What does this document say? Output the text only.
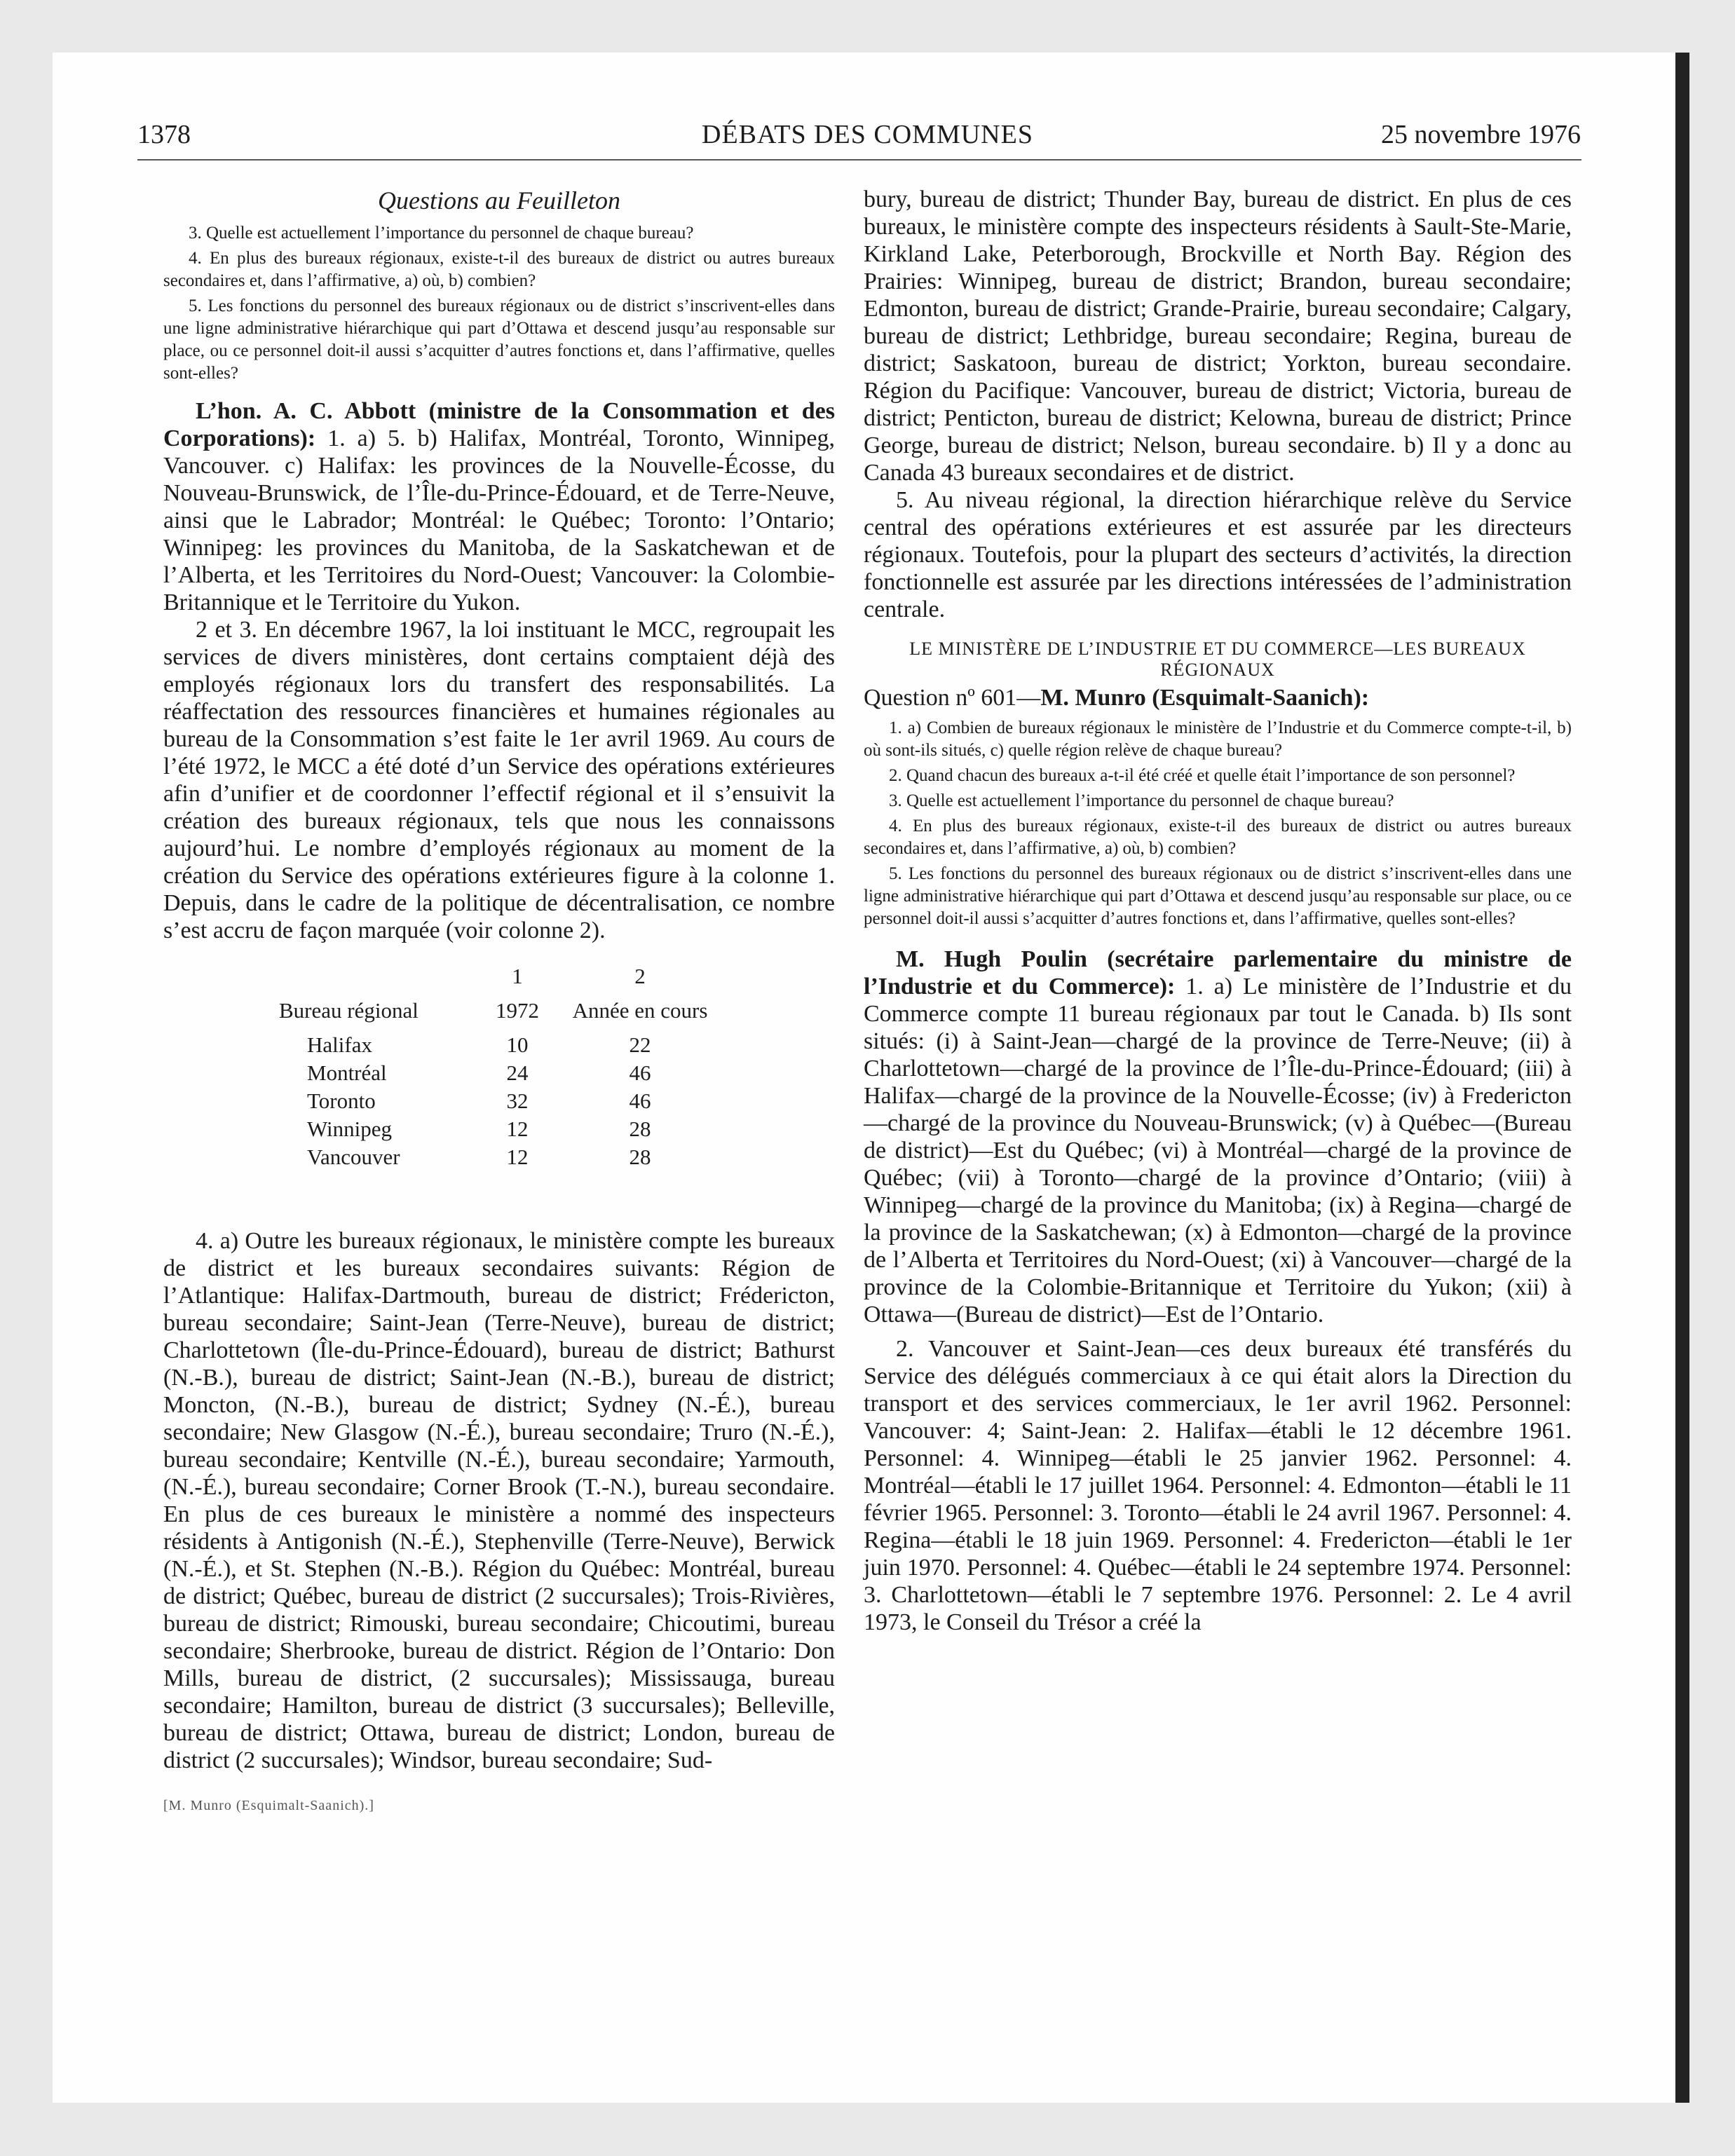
1378	DÉBATS DES COMMUNES	25 novembre 1976

Questions au Feuilleton

3. Quelle est actuellement l’importance du personnel de chaque bureau?

4. En plus des bureaux régionaux, existe-t-il des bureaux de district ou autres bureaux secondaires et, dans l’affirmative, a) où, b) combien?

5. Les fonctions du personnel des bureaux régionaux ou de district s’inscrivent-elles dans une ligne administrative hiérarchique qui part d’Ottawa et descend jusqu’au responsable sur place, ou ce personnel doit-il aussi s’acquitter d’autres fonctions et, dans l’affirmative, quelles sont-elles?

L’hon. A. C. Abbott (ministre de la Consommation et des Corporations): 1. a) 5. b) Halifax, Montréal, Toronto, Winnipeg, Vancouver. c) Halifax: les provinces de la Nouvelle-Écosse, du Nouveau-Brunswick, de l’Île-du-Prince-Édouard, et de Terre-Neuve, ainsi que le Labrador; Montréal: le Québec; Toronto: l’Ontario; Winnipeg: les provinces du Manitoba, de la Saskatchewan et de l’Alberta, et les Territoires du Nord-Ouest; Vancouver: la Colombie-Britannique et le Territoire du Yukon.

2 et 3. En décembre 1967, la loi instituant le MCC, regroupait les services de divers ministères, dont certains comptaient déjà des employés régionaux lors du transfert des responsabilités. La réaffectation des ressources financières et humaines régionales au bureau de la Consommation s’est faite le 1er avril 1969. Au cours de l’été 1972, le MCC a été doté d’un Service des opérations extérieures afin d’unifier et de coordonner l’effectif régional et il s’ensuivit la création des bureaux régionaux, tels que nous les connaissons aujourd’hui. Le nombre d’employés régionaux au moment de la création du Service des opérations extérieures figure à la colonne 1. Depuis, dans le cadre de la politique de décentralisation, ce nombre s’est accru de façon marquée (voir colonne 2).

	1	2
Bureau régional	1972	Année en cours
Halifax	10	22
Montréal	24	46
Toronto	32	46
Winnipeg	12	28
Vancouver	12	28

4. a) Outre les bureaux régionaux, le ministère compte les bureaux de district et les bureaux secondaires suivants: Région de l’Atlantique: Halifax-Dartmouth, bureau de district; Frédericton, bureau secondaire; Saint-Jean (Terre-Neuve), bureau de district; Charlottetown (Île-du-Prince-Édouard), bureau de district; Bathurst (N.-B.), bureau de district; Saint-Jean (N.-B.), bureau de district; Moncton, (N.-B.), bureau de district; Sydney (N.-É.), bureau secondaire; New Glasgow (N.-É.), bureau secondaire; Truro (N.-É.), bureau secondaire; Kentville (N.-É.), bureau secondaire; Yarmouth, (N.-É.), bureau secondaire; Corner Brook (T.-N.), bureau secondaire. En plus de ces bureaux le ministère a nommé des inspecteurs résidents à Antigonish (N.-É.), Stephenville (Terre-Neuve), Berwick (N.-É.), et St. Stephen (N.-B.). Région du Québec: Montréal, bureau de district; Québec, bureau de district (2 succursales); Trois-Rivières, bureau de district; Rimouski, bureau secondaire; Chicoutimi, bureau secondaire; Sherbrooke, bureau de district. Région de l’Ontario: Don Mills, bureau de district, (2 succursales); Mississauga, bureau secondaire; Hamilton, bureau de district (3 succursales); Belleville, bureau de district; Ottawa, bureau de district; London, bureau de district (2 succursales); Windsor, bureau secondaire; Sud-

[M. Munro (Esquimalt-Saanich).]

bury, bureau de district; Thunder Bay, bureau de district. En plus de ces bureaux, le ministère compte des inspecteurs résidents à Sault-Ste-Marie, Kirkland Lake, Peterborough, Brockville et North Bay. Région des Prairies: Winnipeg, bureau de district; Brandon, bureau secondaire; Edmonton, bureau de district; Grande-Prairie, bureau secondaire; Calgary, bureau de district; Lethbridge, bureau secondaire; Regina, bureau de district; Saskatoon, bureau de district; Yorkton, bureau secondaire. Région du Pacifique: Vancouver, bureau de district; Victoria, bureau de district; Penticton, bureau de district; Kelowna, bureau de district; Prince George, bureau de district; Nelson, bureau secondaire. b) Il y a donc au Canada 43 bureaux secondaires et de district.

5. Au niveau régional, la direction hiérarchique relève du Service central des opérations extérieures et est assurée par les directeurs régionaux. Toutefois, pour la plupart des secteurs d’activités, la direction fonctionnelle est assurée par les directions intéressées de l’administration centrale.

LE MINISTÈRE DE L’INDUSTRIE ET DU COMMERCE—LES BUREAUX RÉGIONAUX

Question nº 601—M. Munro (Esquimalt-Saanich):

1. a) Combien de bureaux régionaux le ministère de l’Industrie et du Commerce compte-t-il, b) où sont-ils situés, c) quelle région relève de chaque bureau?

2. Quand chacun des bureaux a-t-il été créé et quelle était l’importance de son personnel?

3. Quelle est actuellement l’importance du personnel de chaque bureau?

4. En plus des bureaux régionaux, existe-t-il des bureaux de district ou autres bureaux secondaires et, dans l’affirmative, a) où, b) combien?

5. Les fonctions du personnel des bureaux régionaux ou de district s’inscrivent-elles dans une ligne administrative hiérarchique qui part d’Ottawa et descend jusqu’au responsable sur place, ou ce personnel doit-il aussi s’acquitter d’autres fonctions et, dans l’affirmative, quelles sont-elles?

M. Hugh Poulin (secrétaire parlementaire du ministre de l’Industrie et du Commerce): 1. a) Le ministère de l’Industrie et du Commerce compte 11 bureau régionaux par tout le Canada. b) Ils sont situés: (i) à Saint-Jean—chargé de la province de Terre-Neuve; (ii) à Charlottetown—chargé de la province de l’Île-du-Prince-Édouard; (iii) à Halifax—chargé de la province de la Nouvelle-Écosse; (iv) à Fredericton—chargé de la province du Nouveau-Brunswick; (v) à Québec—(Bureau de district)—Est du Québec; (vi) à Montréal—chargé de la province de Québec; (vii) à Toronto—chargé de la province d’Ontario; (viii) à Winnipeg—chargé de la province du Manitoba; (ix) à Regina—chargé de la province de la Saskatchewan; (x) à Edmonton—chargé de la province de l’Alberta et Territoires du Nord-Ouest; (xi) à Vancouver—chargé de la province de la Colombie-Britannique et Territoire du Yukon; (xii) à Ottawa—(Bureau de district)—Est de l’Ontario.

2. Vancouver et Saint-Jean—ces deux bureaux été transférés du Service des délégués commerciaux à ce qui était alors la Direction du transport et des services commerciaux, le 1er avril 1962. Personnel: Vancouver: 4; Saint-Jean: 2. Halifax—établi le 12 décembre 1961. Personnel: 4. Winnipeg—établi le 25 janvier 1962. Personnel: 4. Montréal—établi le 17 juillet 1964. Personnel: 4. Edmonton—établi le 11 février 1965. Personnel: 3. Toronto—établi le 24 avril 1967. Personnel: 4. Regina—établi le 18 juin 1969. Personnel: 4. Fredericton—établi le 1er juin 1970. Personnel: 4. Québec—établi le 24 septembre 1974. Personnel: 3. Charlottetown—établi le 7 septembre 1976. Personnel: 2. Le 4 avril 1973, le Conseil du Trésor a créé la
